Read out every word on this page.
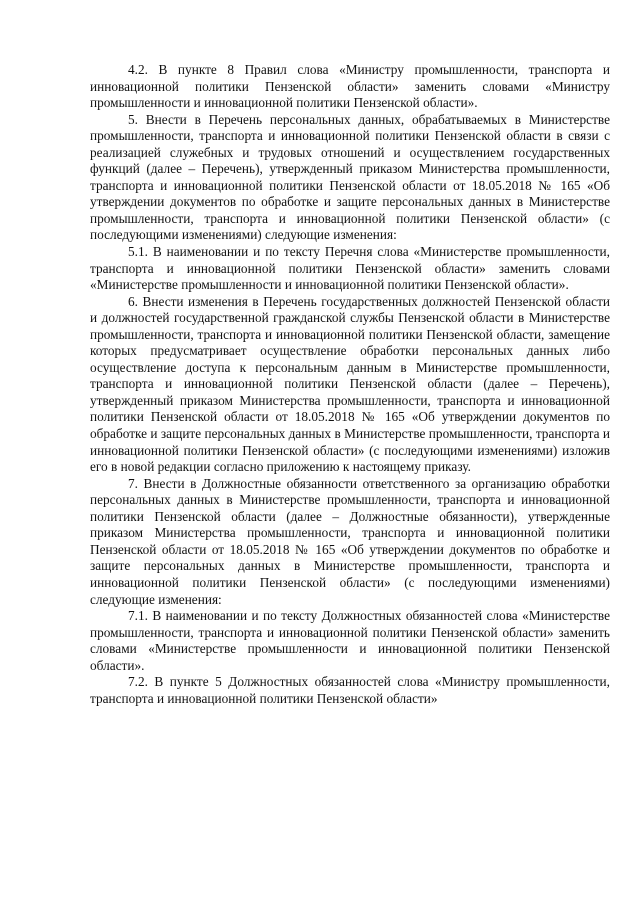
4.2. В пункте 8 Правил слова «Министру промышленности, транспорта и инновационной политики Пензенской области» заменить словами «Министру промышленности и инновационной политики Пензенской области».

5. Внести в Перечень персональных данных, обрабатываемых в Министерстве промышленности, транспорта и инновационной политики Пензенской области в связи с реализацией служебных и трудовых отношений и осуществлением государственных функций (далее – Перечень), утвержденный приказом Министерства промышленности, транспорта и инновационной политики Пензенской области от 18.05.2018 № 165 «Об утверждении документов по обработке и защите персональных данных в Министерстве промышленности, транспорта и инновационной политики Пензенской области» (с последующими изменениями) следующие изменения:

5.1. В наименовании и по тексту Перечня слова «Министерстве промышленности, транспорта и инновационной политики Пензенской области» заменить словами «Министерстве промышленности и инновационной политики Пензенской области».

6. Внести изменения в Перечень государственных должностей Пензенской области и должностей государственной гражданской службы Пензенской области в Министерстве промышленности, транспорта и инновационной политики Пензенской области, замещение которых предусматривает осуществление обработки персональных данных либо осуществление доступа к персональным данным в Министерстве промышленности, транспорта и инновационной политики Пензенской области (далее – Перечень), утвержденный приказом Министерства промышленности, транспорта и инновационной политики Пензенской области от 18.05.2018 № 165 «Об утверждении документов по обработке и защите персональных данных в Министерстве промышленности, транспорта и инновационной политики Пензенской области» (с последующими изменениями) изложив его в новой редакции согласно приложению к настоящему приказу.

7. Внести в Должностные обязанности ответственного за организацию обработки персональных данных в Министерстве промышленности, транспорта и инновационной политики Пензенской области (далее – Должностные обязанности), утвержденные приказом Министерства промышленности, транспорта и инновационной политики Пензенской области от 18.05.2018 № 165 «Об утверждении документов по обработке и защите персональных данных в Министерстве промышленности, транспорта и инновационной политики Пензенской области» (с последующими изменениями) следующие изменения:

7.1. В наименовании и по тексту Должностных обязанностей слова «Министерстве промышленности, транспорта и инновационной политики Пензенской области» заменить словами «Министерстве промышленности и инновационной политики Пензенской области».

7.2. В пункте 5 Должностных обязанностей слова «Министру промышленности, транспорта и инновационной политики Пензенской области»
